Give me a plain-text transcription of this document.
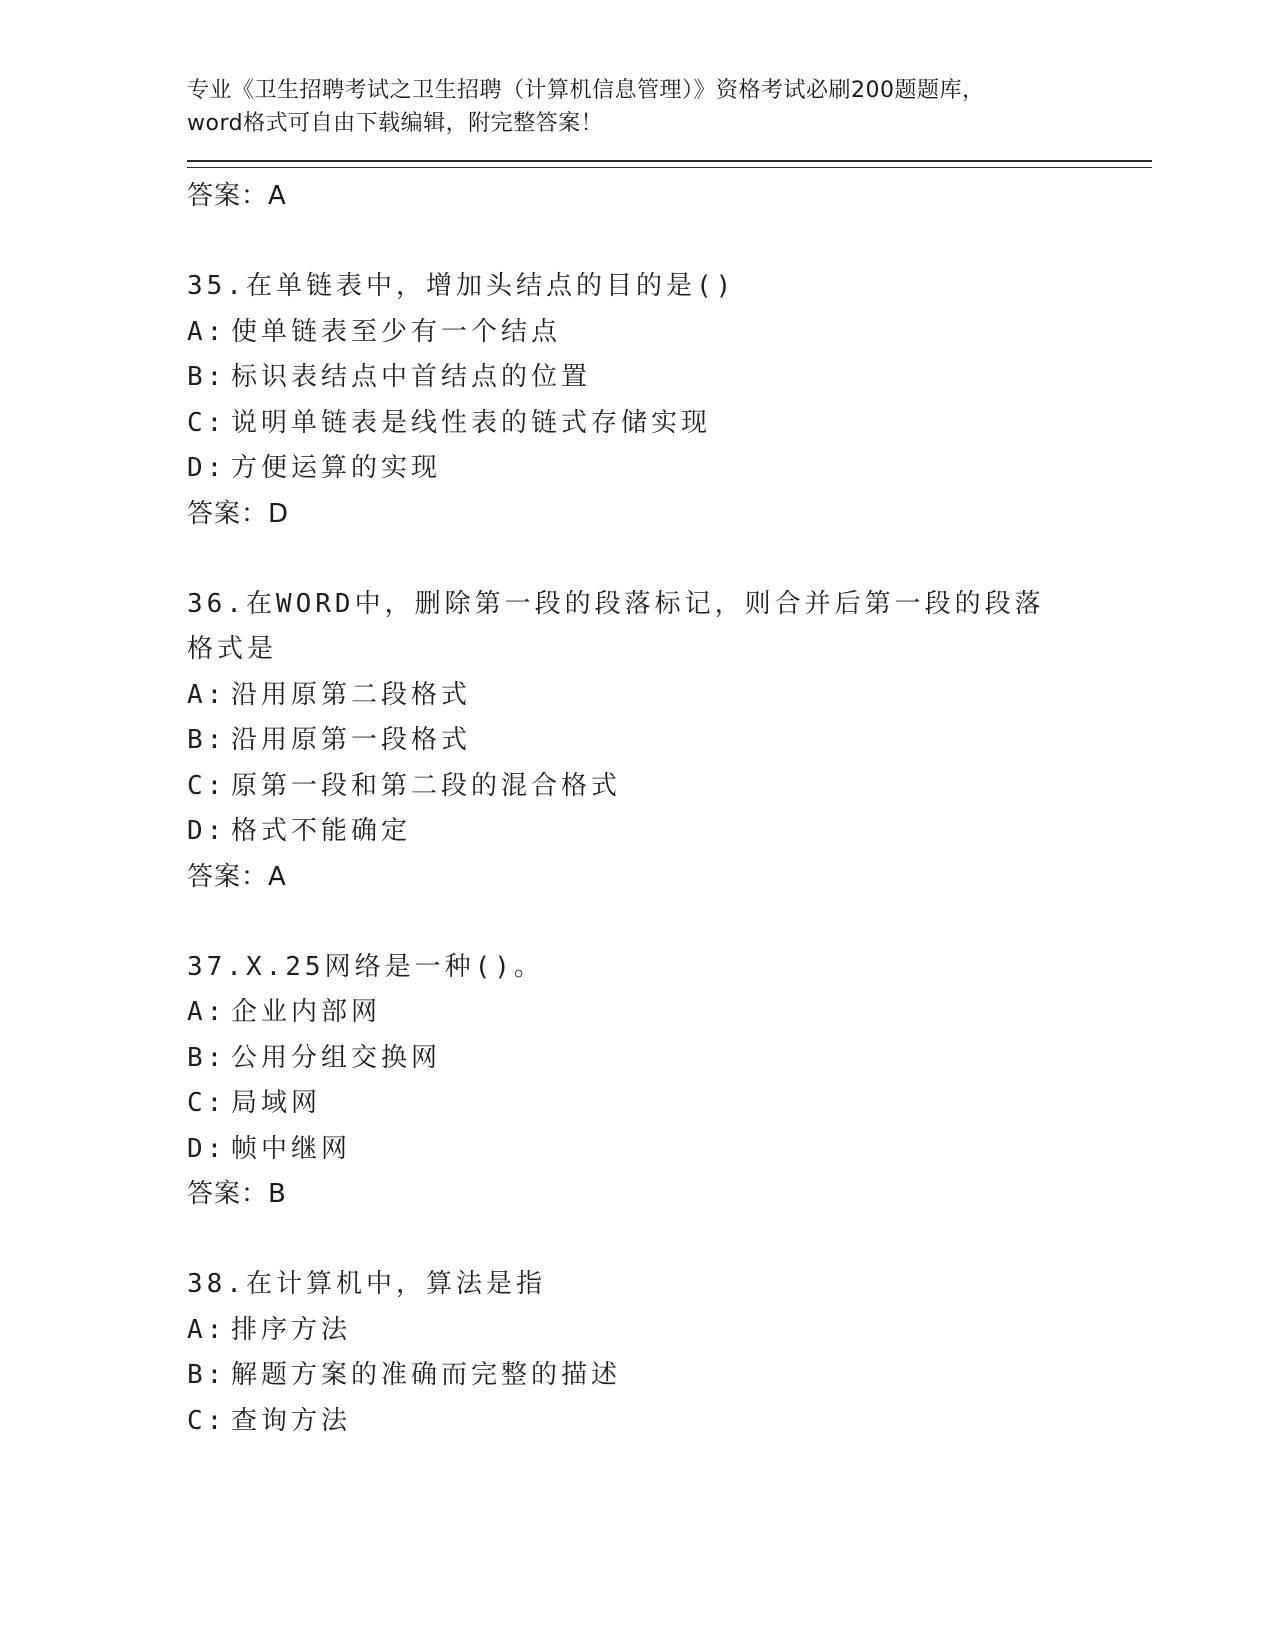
专业《卫生招聘考试之卫生招聘（计算机信息管理）》资格考试必刷200题题库，

word格式可自由下载编辑，附完整答案！

答案：A

35.在单链表中，增加头结点的目的是()

A: 使单链表至少有一个结点

B: 标识表结点中首结点的位置

C: 说明单链表是线性表的链式存储实现

D: 方便运算的实现

答案：D

36.在WORD中，删除第一段的段落标记，则合并后第一段的段落格式是

A: 沿用原第二段格式

B: 沿用原第一段格式

C: 原第一段和第二段的混合格式

D: 格式不能确定

答案：A

37.X.25网络是一种()。

A: 企业内部网

B: 公用分组交换网

C: 局域网

D: 帧中继网

答案：B

38.在计算机中，算法是指

A: 排序方法

B: 解题方案的准确而完整的描述

C: 查询方法
